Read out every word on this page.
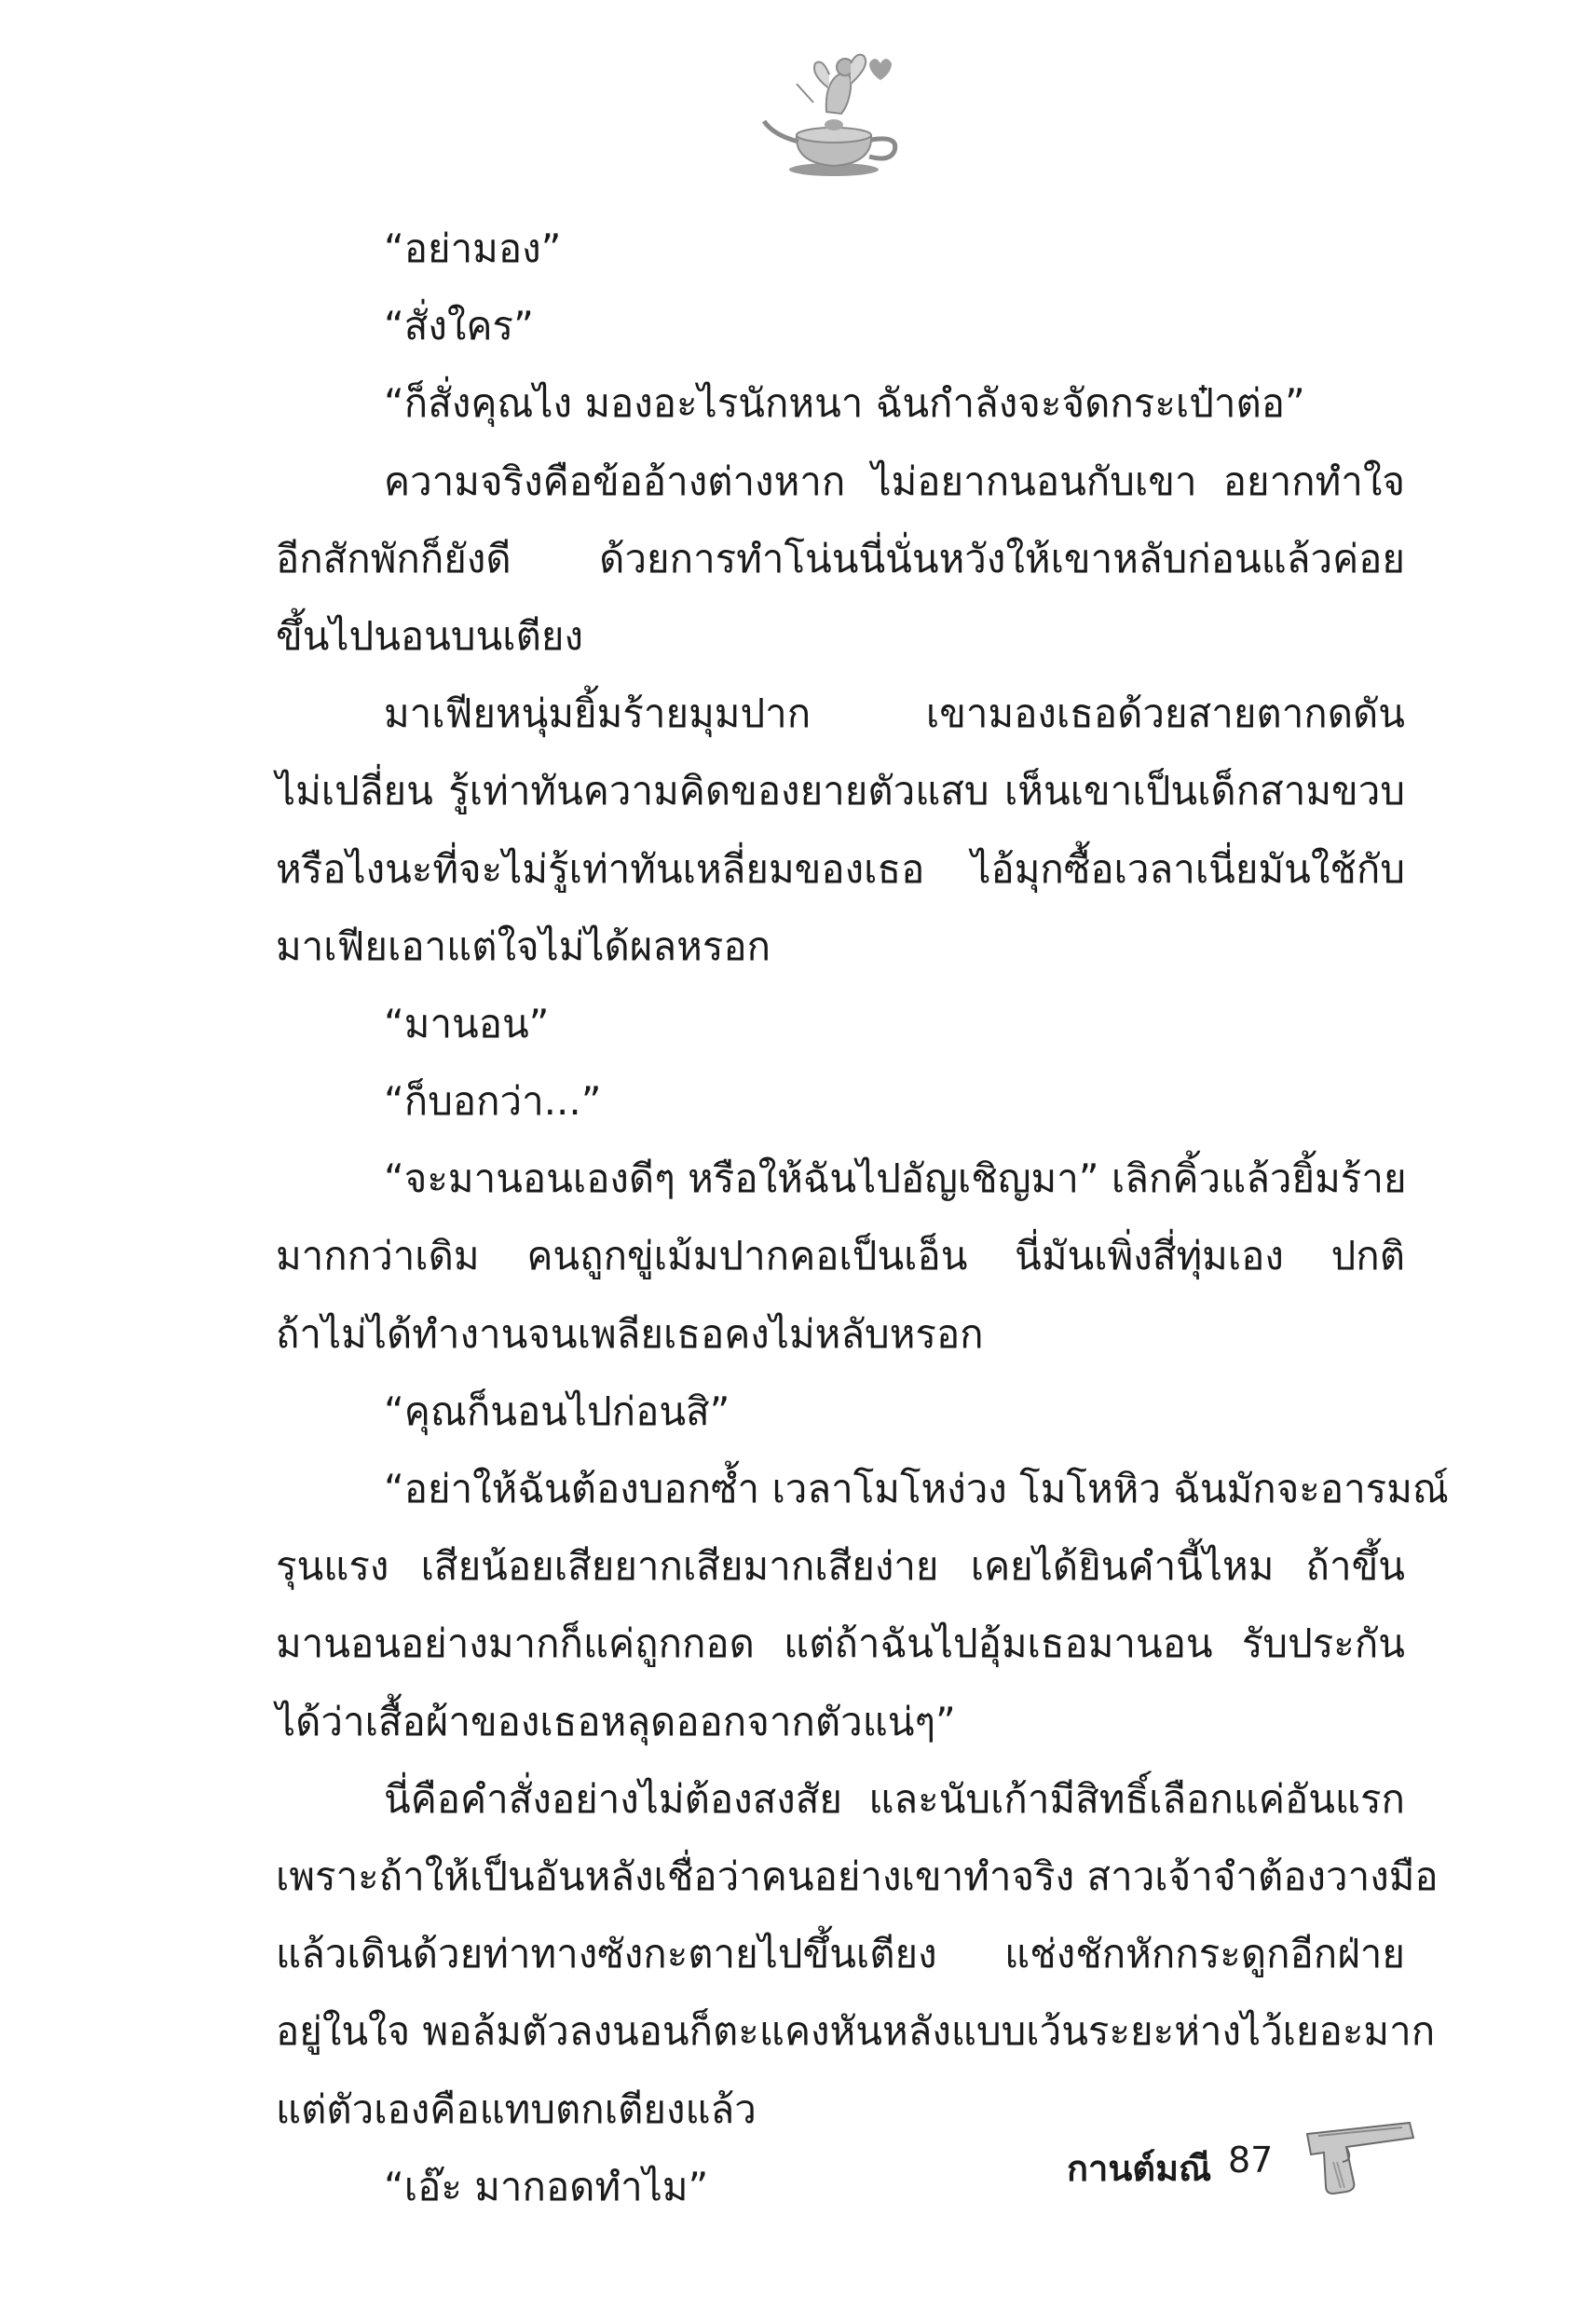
“อย่ามอง”
“สั่งใคร”
“ก็สั่งคุณไง มองอะไรนักหนา ฉันกำลังจะจัดกระเป๋าต่อ”
ความจริงคือข้ออ้างต่างหาก ไม่อยากนอนกับเขา อยากทำใจ
อีกสักพักก็ยังดี ด้วยการทำโน่นนี่นั่นหวังให้เขาหลับก่อนแล้วค่อย
ขึ้นไปนอนบนเตียง
มาเฟียหนุ่มยิ้มร้ายมุมปาก เขามองเธอด้วยสายตากดดัน
ไม่เปลี่ยน รู้เท่าทันความคิดของยายตัวแสบ เห็นเขาเป็นเด็กสามขวบ
หรือไงนะที่จะไม่รู้เท่าทันเหลี่ยมของเธอ ไอ้มุกซื้อเวลาเนี่ยมันใช้กับ
มาเฟียเอาแต่ใจไม่ได้ผลหรอก
“มานอน”
“ก็บอกว่า...”
“จะมานอนเองดีๆ หรือให้ฉันไปอัญเชิญมา” เลิกคิ้วแล้วยิ้มร้าย
มากกว่าเดิม คนถูกขู่เม้มปากคอเป็นเอ็น นี่มันเพิ่งสี่ทุ่มเอง ปกติ
ถ้าไม่ได้ทำงานจนเพลียเธอคงไม่หลับหรอก
“คุณก็นอนไปก่อนสิ”
“อย่าให้ฉันต้องบอกซ้ำ เวลาโมโหง่วง โมโหหิว ฉันมักจะอารมณ์
รุนแรง เสียน้อยเสียยากเสียมากเสียง่าย เคยได้ยินคำนี้ไหม ถ้าขึ้น
มานอนอย่างมากก็แค่ถูกกอด แต่ถ้าฉันไปอุ้มเธอมานอน รับประกัน
ได้ว่าเสื้อผ้าของเธอหลุดออกจากตัวแน่ๆ”
นี่คือคำสั่งอย่างไม่ต้องสงสัย และนับเก้ามีสิทธิ์เลือกแค่อันแรก
เพราะถ้าให้เป็นอันหลังเชื่อว่าคนอย่างเขาทำจริง สาวเจ้าจำต้องวางมือ
แล้วเดินด้วยท่าทางซังกะตายไปขึ้นเตียง แช่งชักหักกระดูกอีกฝ่าย
อยู่ในใจ พอล้มตัวลงนอนก็ตะแคงหันหลังแบบเว้นระยะห่างไว้เยอะมาก
แต่ตัวเองคือแทบตกเตียงแล้ว
“เอ๊ะ มากอดทำไม”	กานต์มณี 87
